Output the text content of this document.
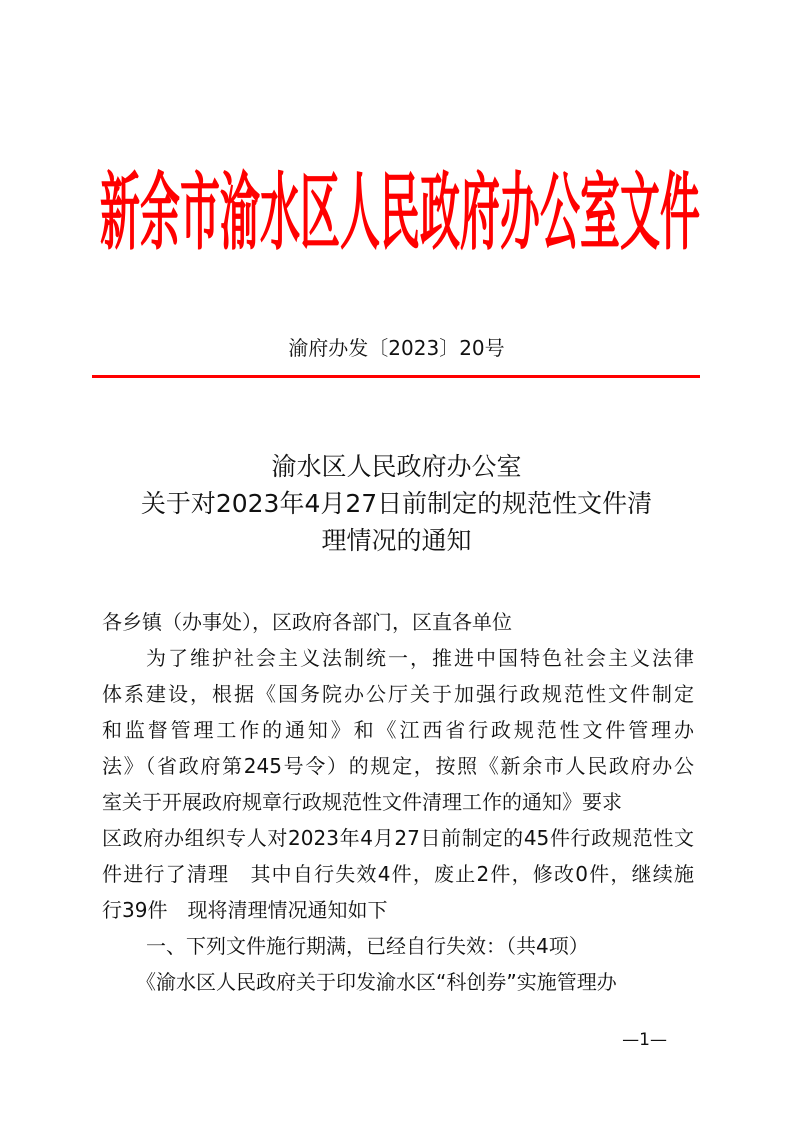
新 余 市 渝 水 区 人 民 政 府 办 公 室 文 件
渝府办发〔2023〕20号
渝水区人民政府办公室
关于对2023年4月27日前制定的规范性文件清
理情况的通知
各乡镇（办事处），区政府各部门，区直各单位
为了维护社会主义法制统一，推进中国特色社会主义法律
体系建设，根据《国务院办公厅关于加强行政规范性文件制定
和监督管理工作的通知》和《江西省行政规范性文件管理办
法》（省政府第245号令）的规定，按照《新余市人民政府办公
室关于开展政府规章行政规范性文件清理工作的通知》要求
区政府办组织专人对2023年4月27日前制定的45件行政规范性文
件进行了清理　其中自行失效4件，废止2件，修改0件，继续施
行39件　现将清理情况通知如下
一、下列文件施行期满，已经自行失效：（共4项）
《渝水区人民政府关于印发渝水区“科创券”实施管理办
—1—
